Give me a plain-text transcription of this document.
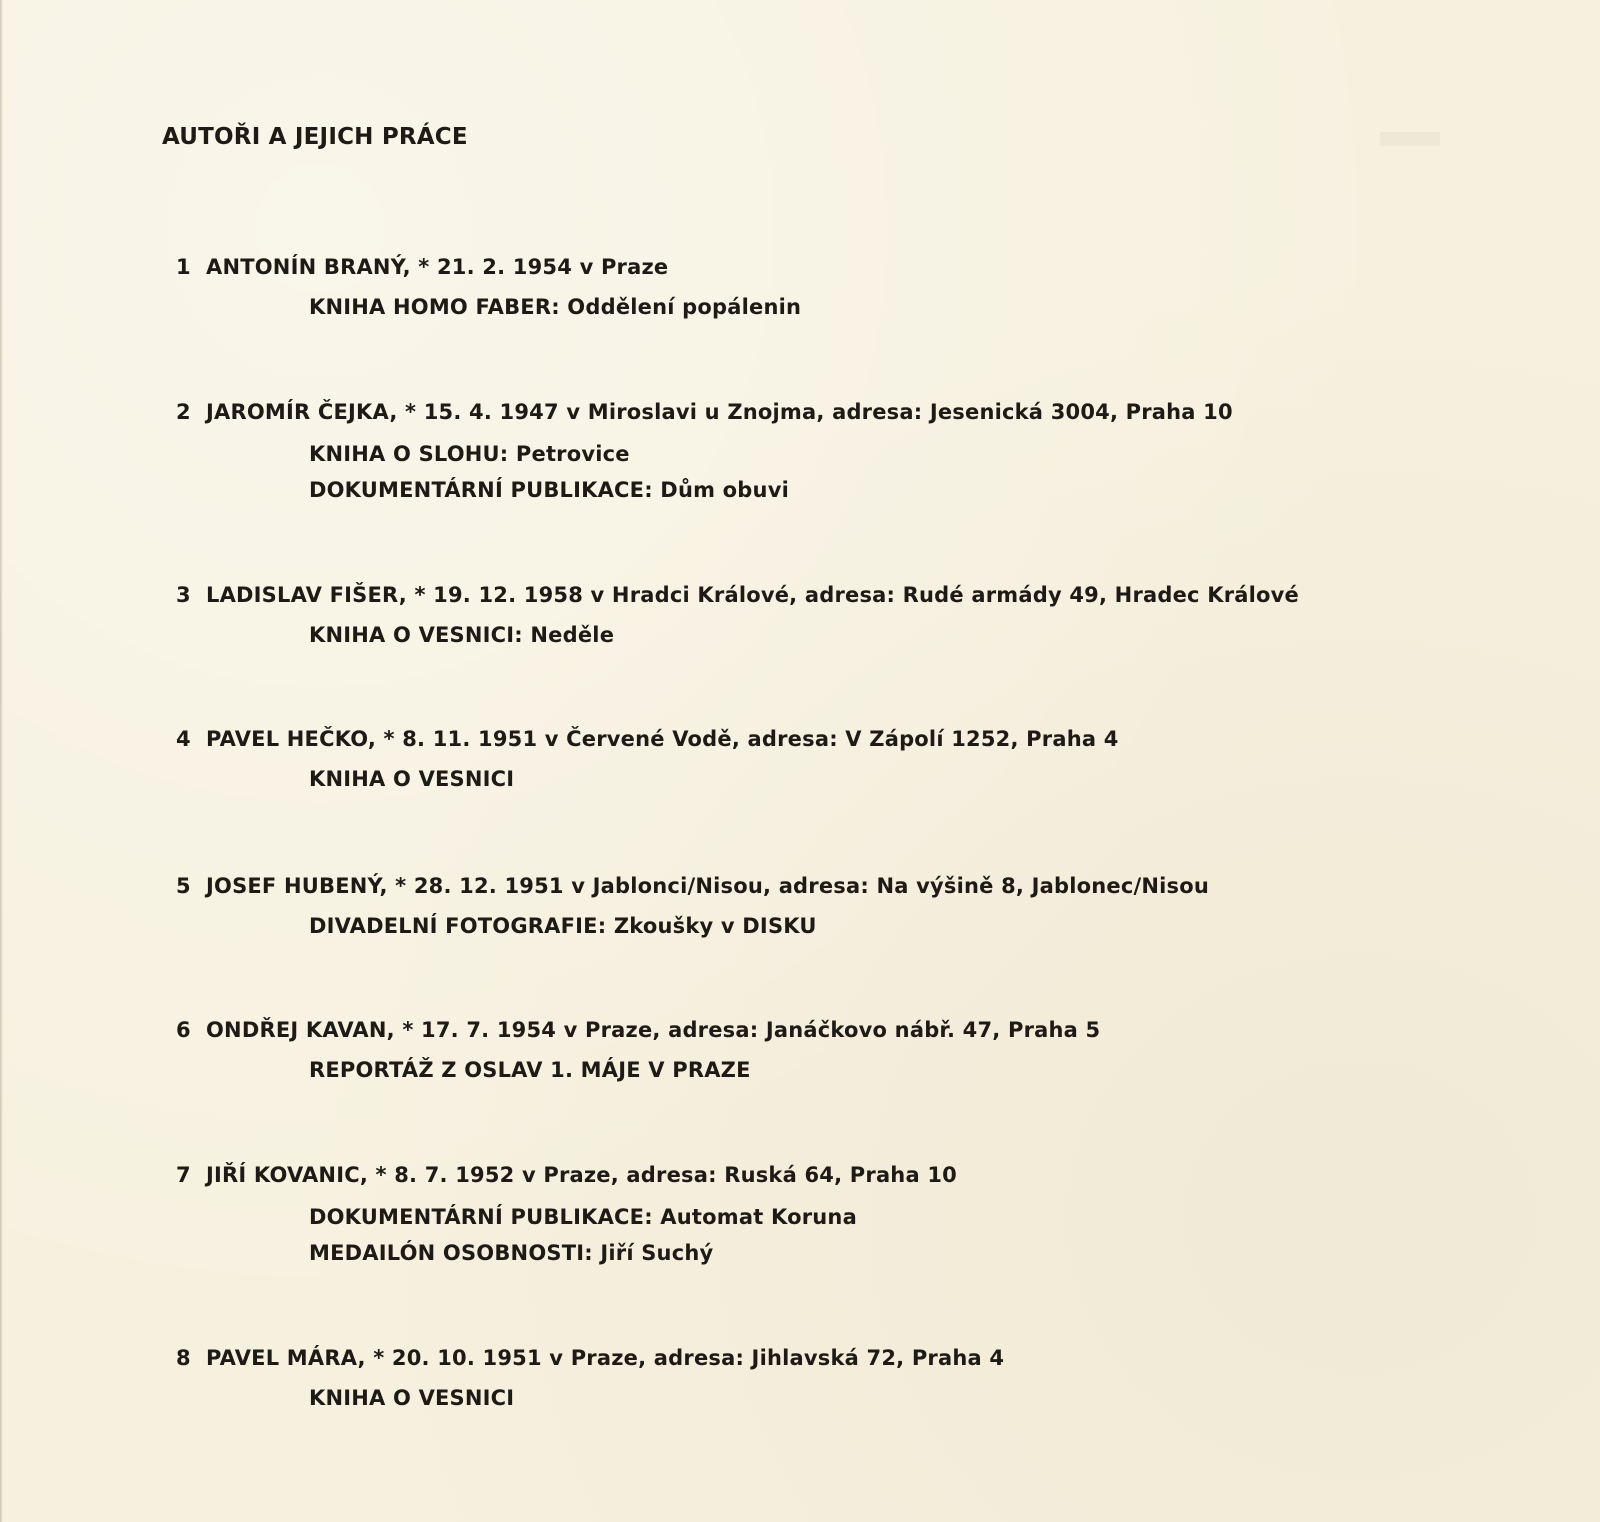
AUTOŘI A JEJICH PRÁCE
1 ANTONÍN BRANÝ, * 21. 2. 1954 v Praze
KNIHA HOMO FABER: Oddělení popálenin
2 JAROMÍR ČEJKA, * 15. 4. 1947 v Miroslavi u Znojma, adresa: Jesenická 3004, Praha 10
KNIHA O SLOHU: Petrovice
DOKUMENTÁRNÍ PUBLIKACE: Dům obuvi
3 LADISLAV FIŠER, * 19. 12. 1958 v Hradci Králové, adresa: Rudé armády 49, Hradec Králové
KNIHA O VESNICI: Neděle
4 PAVEL HEČKO, * 8. 11. 1951 v Červené Vodě, adresa: V Zápolí 1252, Praha 4
KNIHA O VESNICI
5 JOSEF HUBENÝ, * 28. 12. 1951 v Jablonci/Nisou, adresa: Na výšině 8, Jablonec/Nisou
DIVADELNÍ FOTOGRAFIE: Zkoušky v DISKU
6 ONDŘEJ KAVAN, * 17. 7. 1954 v Praze, adresa: Janáčkovo nábř. 47, Praha 5
REPORTÁŽ Z OSLAV 1. MÁJE V PRAZE
7 JIŘÍ KOVANIC, * 8. 7. 1952 v Praze, adresa: Ruská 64, Praha 10
DOKUMENTÁRNÍ PUBLIKACE: Automat Koruna
MEDAILÓN OSOBNOSTI: Jiří Suchý
8 PAVEL MÁRA, * 20. 10. 1951 v Praze, adresa: Jihlavská 72, Praha 4
KNIHA O VESNICI
